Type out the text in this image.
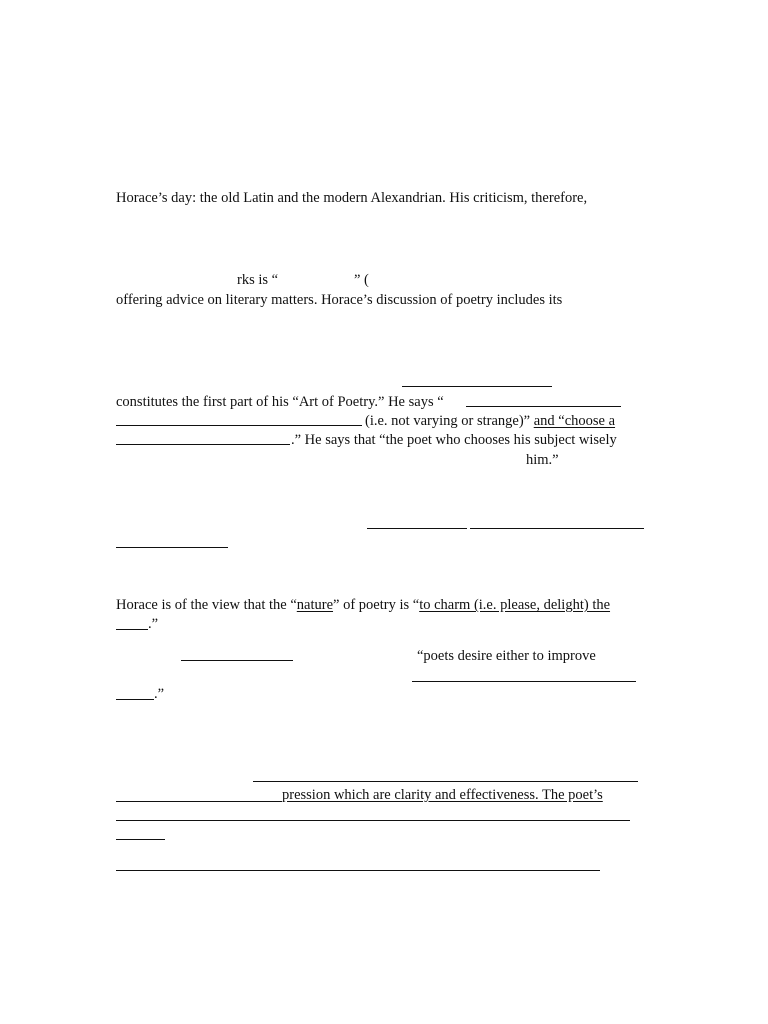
Horace’s day: the old Latin and the modern Alexandrian. His criticism, therefore,
rks is “	” (
offering advice on literary matters. Horace’s discussion of poetry includes its
constitutes the first part of his “Art of Poetry.” He says “
(i.e. not varying or strange)” and “choose a
.” He says that “the poet who chooses his subject wisely
him.”
Horace is of the view that the “nature” of poetry is “to charm (i.e. please, delight) the
.”
“poets desire either to improve
.”
pression which are clarity and effectiveness. The poet’s
